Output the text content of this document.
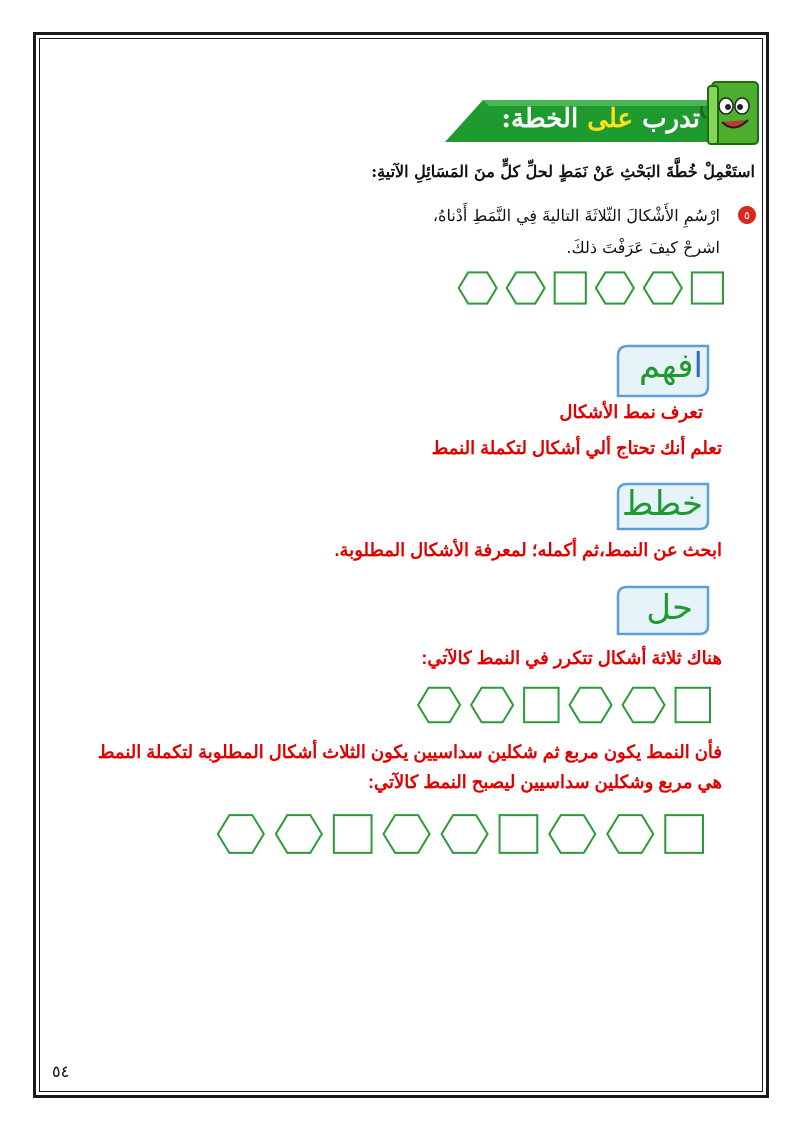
تدرب على الخطة:
استَعْمِلْ خُطَّةَ البَحْثِ عَنْ نَمَطٍ لحلِّ كلٍّ منَ المَسَائِلِ الآتيةِ:
٥
ارْسُمِ الأَشْكالَ الثّلاثَةَ التاليةَ فِي النَّمَطِ أَدْناهُ،
اشرحْ كيفَ عَرَفْتَ ذلكَ.
افهم
تعرف نمط الأشكال
تعلم أنك تحتاج ألي أشكال لتكملة النمط
خطط
ابحث عن النمط،ثم أكمله؛ لمعرفة الأشكال المطلوبة.
حل
هناك ثلاثة أشكال تتكرر في النمط كالآتي:
فأن النمط يكون مربع ثم شكلين سداسيين يكون الثلاث أشكال المطلوبة لتكملة النمط
هي مربع وشكلين سداسيين ليصبح النمط كالآتي:
٥٤
